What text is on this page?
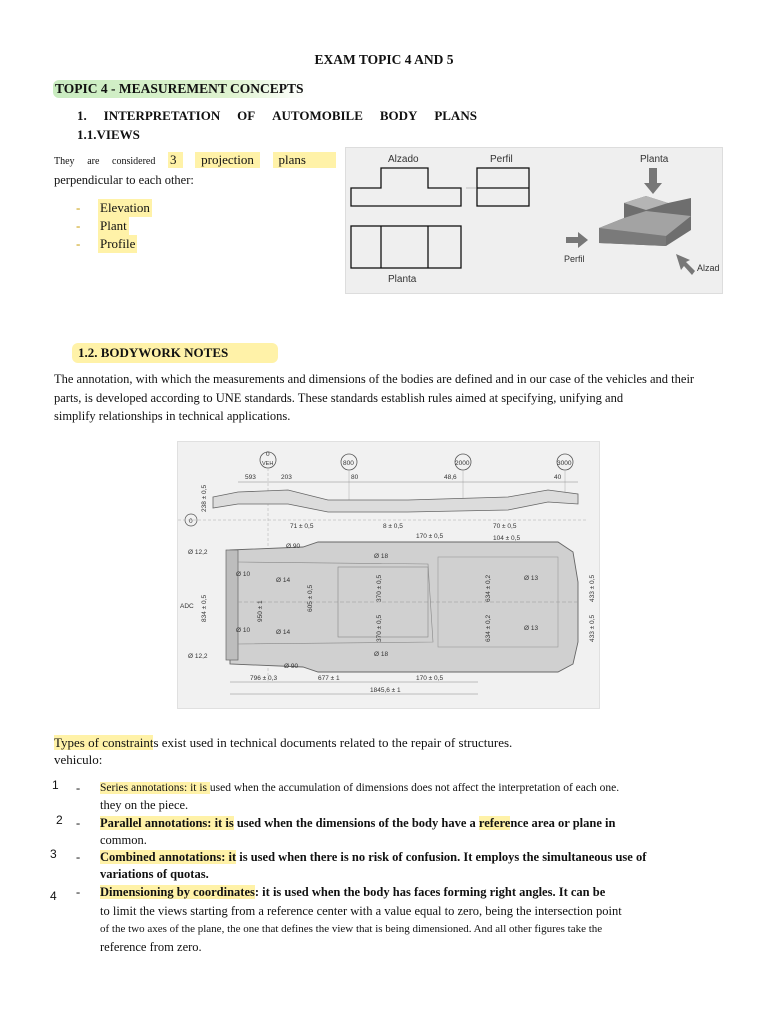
EXAM TOPIC 4 AND 5
TOPIC 4 - MEASUREMENT CONCEPTS
1. INTERPRETATION OF AUTOMOBILE BODY PLANS
1.1.VIEWS
They are considered 3	projection	plans
perpendicular to each other:
- Elevation
- Plant
- Profile
Alzado	Perfil	Planta
Planta
Perfil
Alzad
1.2. BODYWORK NOTES
The annotation, with which the measurements and dimensions of the bodies are defined and in our case of the vehicles and their
parts, is developed according to UNE standards. These standards establish rules aimed at specifying, unifying and
simplify relationships in technical applications.
0
VEH	800	2000	3000
593	203	80	48,6	40
238 ± 0,5
0
71 ± 0,5	8 ± 0,5	70 ± 0,5
104 ± 0,5
170 ± 0,5
Ø 12,2
ADC 834 ± 0,5
Ø 12,2
Ø 90
Ø 10
Ø 14
Ø 18
Ø 10	Ø 14
Ø 18
Ø 90
Ø 13
Ø 13
950 ± 1	605 ± 0,5	370 ± 0,5
370 ± 0,5
634 ± 0,2
634 ± 0,2
433 ± 0,5
433 ± 0,5
796 ± 0,3	677 ± 1	170 ± 0,5
1845,6 ± 1
Types of constraints exist used in technical documents related to the repair of structures.
vehiculo:
1 - Series annotations: it is used when the accumulation of dimensions does not affect the interpretation of each one.
they on the piece.
2 - Parallel annotations: it is used when the dimensions of the body have a reference area or plane in
common.
3 - Combined annotations: it is used when there is no risk of confusion. It employs the simultaneous use of
variations of quotas.
4 - Dimensioning by coordinates: it is used when the body has faces forming right angles. It can be
to limit the views starting from a reference center with a value equal to zero, being the intersection point
of the two axes of the plane, the one that defines the view that is being dimensioned. And all other figures take the
reference from zero.
